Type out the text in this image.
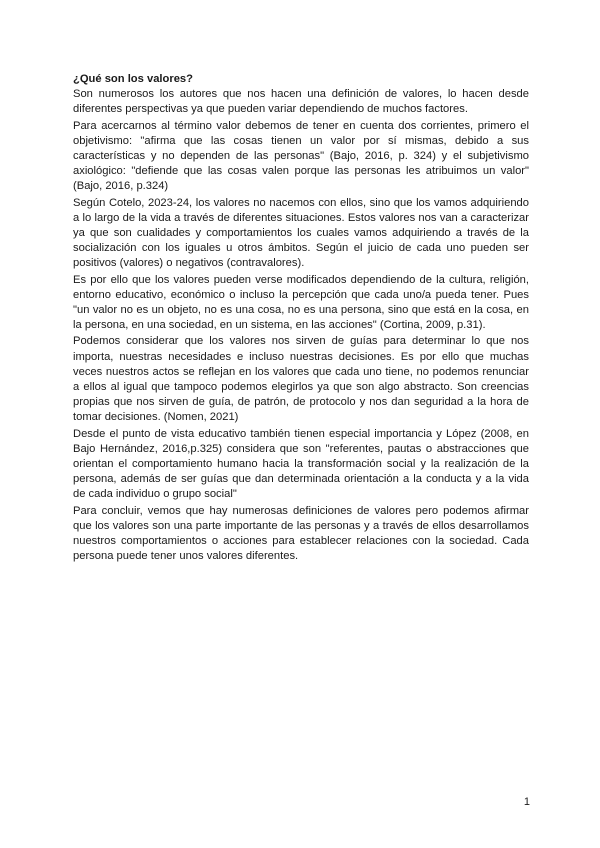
¿Qué son los valores?

Son numerosos los autores que nos hacen una definición de valores, lo hacen desde diferentes perspectivas ya que pueden variar dependiendo de muchos factores.

Para acercarnos al término valor debemos de tener en cuenta dos corrientes, primero el objetivismo: "afirma que las cosas tienen un valor por sí mismas, debido a sus características y no dependen de las personas" (Bajo, 2016, p. 324) y el subjetivismo axiológico: "defiende que las cosas valen porque las personas les atribuimos un valor" (Bajo, 2016, p.324)

Según Cotelo, 2023-24, los valores no nacemos con ellos, sino que los vamos adquiriendo a lo largo de la vida a través de diferentes situaciones. Estos valores nos van a caracterizar ya que son cualidades y comportamientos los cuales vamos adquiriendo a través de la socialización con los iguales u otros ámbitos. Según el juicio de cada uno pueden ser positivos (valores) o negativos (contravalores).

Es por ello que los valores pueden verse modificados dependiendo de la cultura, religión, entorno educativo, económico o incluso la percepción que cada uno/a pueda tener. Pues "un valor no es un objeto, no es una cosa, no es una persona, sino que está en la cosa, en la persona, en una sociedad, en un sistema, en las acciones" (Cortina, 2009, p.31).

Podemos considerar que los valores nos sirven de guías para determinar lo que nos importa, nuestras necesidades e incluso nuestras decisiones. Es por ello que muchas veces nuestros actos se reflejan en los valores que cada uno tiene, no podemos renunciar a ellos al igual que tampoco podemos elegirlos ya que son algo abstracto. Son creencias propias que nos sirven de guía, de patrón, de protocolo y nos dan seguridad a la hora de tomar decisiones. (Nomen, 2021)

Desde el punto de vista educativo también tienen especial importancia y López (2008, en Bajo Hernández, 2016,p.325) considera que son "referentes, pautas o abstracciones que orientan el comportamiento humano hacia la transformación social y la realización de la persona, además de ser guías que dan determinada orientación a la conducta y a la vida de cada individuo o grupo social"

Para concluir, vemos que hay numerosas definiciones de valores pero podemos afirmar que los valores son una parte importante de las personas y a través de ellos desarrollamos nuestros comportamientos o acciones para establecer relaciones con la sociedad. Cada persona puede tener unos valores diferentes.

1
